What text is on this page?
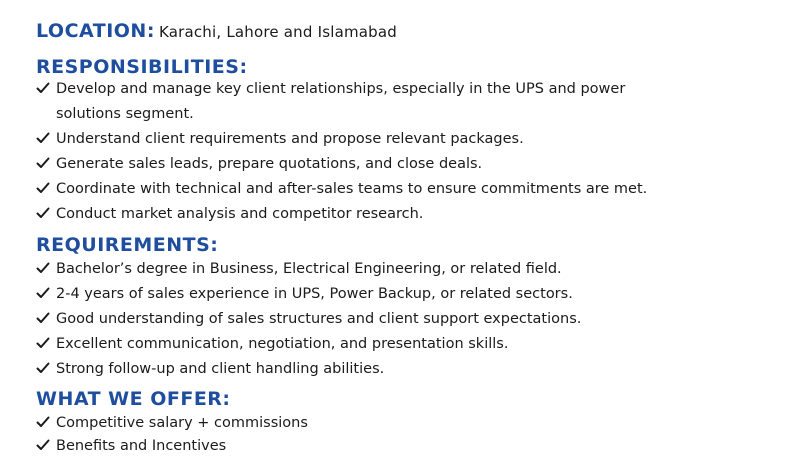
LOCATION: Karachi, Lahore and Islamabad
RESPONSIBILITIES:
Develop and manage key client relationships, especially in the UPS and power
solutions segment.
Understand client requirements and propose relevant packages.
Generate sales leads, prepare quotations, and close deals.
Coordinate with technical and after-sales teams to ensure commitments are met.
Conduct market analysis and competitor research.
REQUIREMENTS:
Bachelor’s degree in Business, Electrical Engineering, or related field.
2-4 years of sales experience in UPS, Power Backup, or related sectors.
Good understanding of sales structures and client support expectations.
Excellent communication, negotiation, and presentation skills.
Strong follow-up and client handling abilities.
WHAT WE OFFER:
Competitive salary + commissions
Benefits and Incentives
